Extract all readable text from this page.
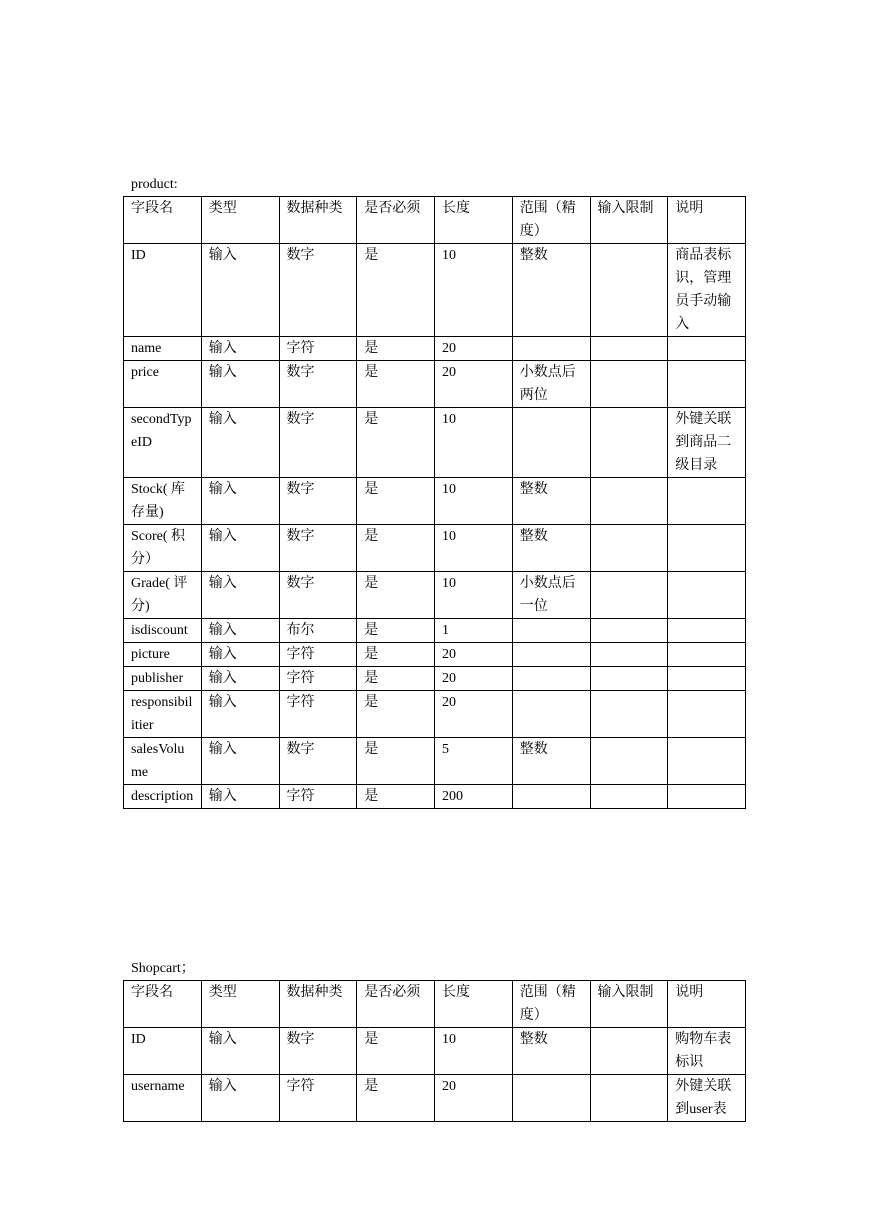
product:
字段名	类型	数据种类	是否必须	长度	范围（精度）	输入限制	说明
ID	输入	数字	是	10	整数		商品表标识，管理员手动输入
name	输入	字符	是	20			
price	输入	数字	是	20	小数点后两位		
secondTypeID	输入	数字	是	10			外键关联到商品二级目录
Stock( 库存量)	输入	数字	是	10	整数		
Score( 积分）	输入	数字	是	10	整数		
Grade( 评分)	输入	数字	是	10	小数点后一位		
isdiscount	输入	布尔	是	1			
picture	输入	字符	是	20			
publisher	输入	字符	是	20			
responsibilitier	输入	字符	是	20			
salesVolume	输入	数字	是	5	整数		
description	输入	字符	是	200			
Shopcart；
字段名	类型	数据种类	是否必须	长度	范围（精度）	输入限制	说明
ID	输入	数字	是	10	整数		购物车表标识
username	输入	字符	是	20			外键关联到user表
